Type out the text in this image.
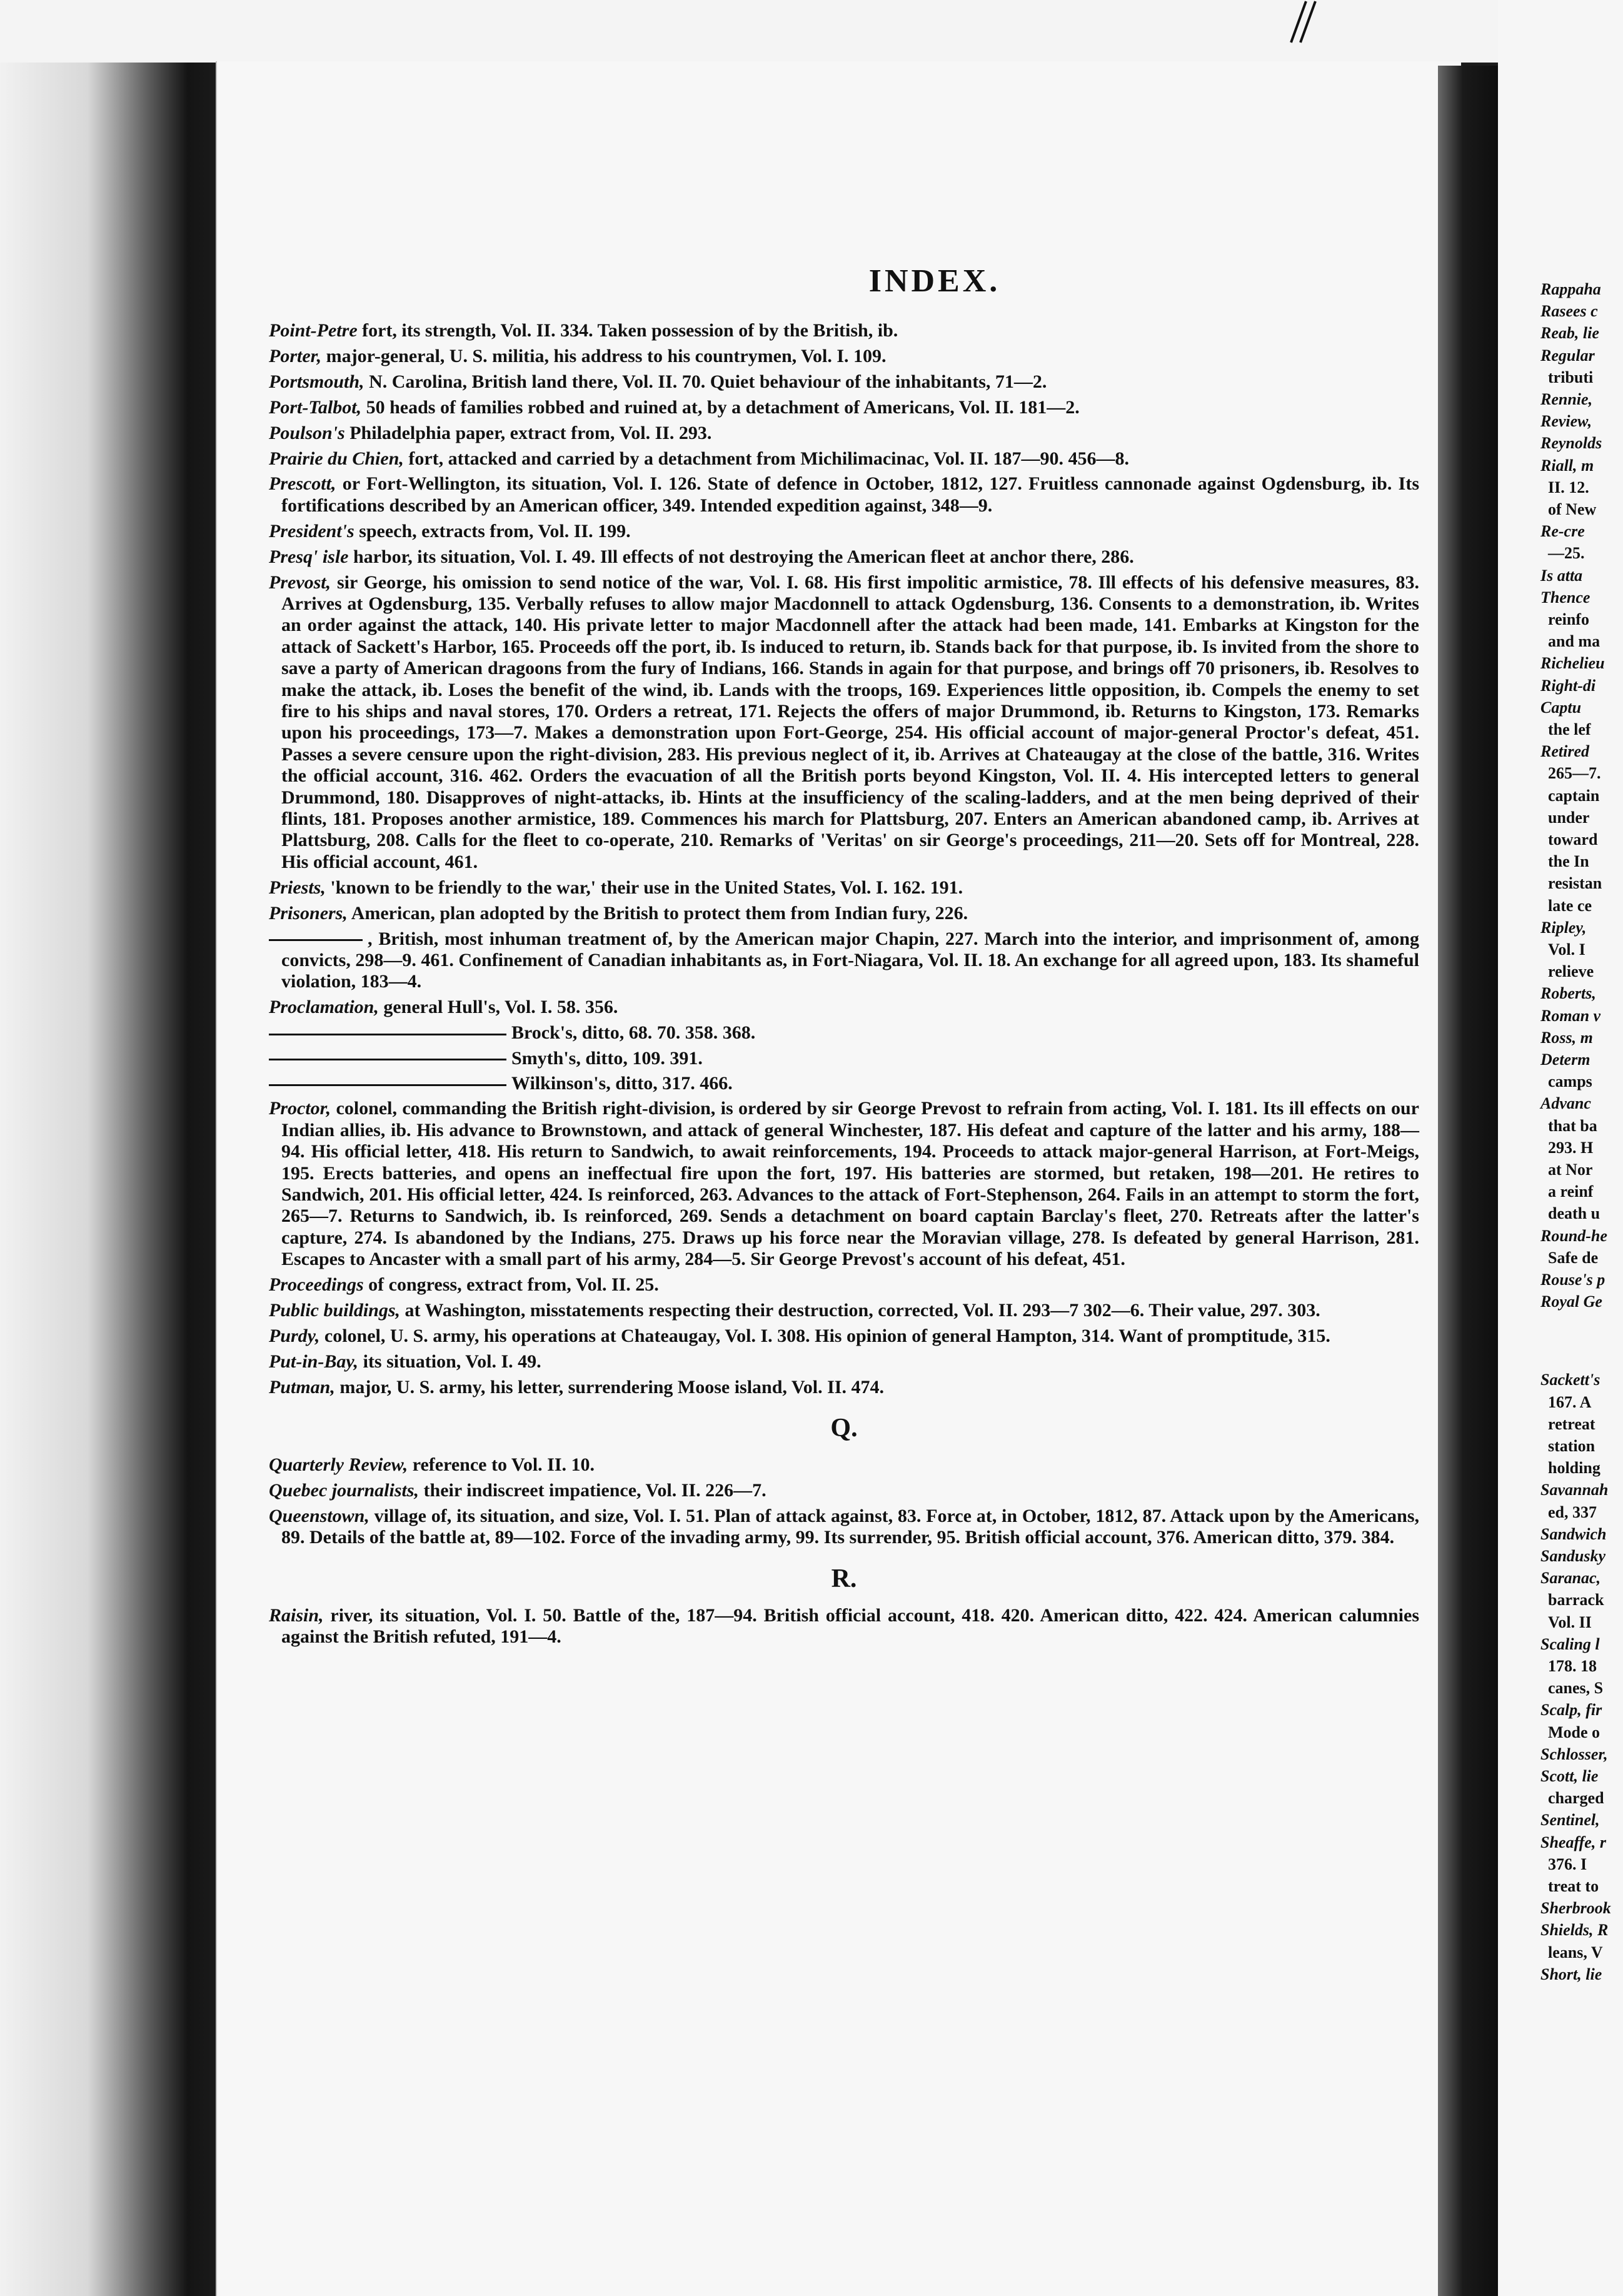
Rappaha
Rasees c
Reab, lie
Regular
tributi
Rennie,
Review,
Reynolds
Riall, m
II. 12.
of New
Re-cre
—25.
Is atta
Thence
reinfo
and ma
Richelieu
Right-di
Captu
the lef
Retired
265—7.
captain
under
toward
the In
resistan
late ce
Ripley,
Vol. I
relieve
Roberts,
Roman v
Ross, m
Determ
camps
Advanc
that ba
293. H
at Nor
a reinf
death u
Round-he
Safe de
Rouse's p
Royal Ge
Sackett's
167. A
retreat
station
holding
Savannah
ed, 337
Sandwich
Sandusky
Saranac,
barrack
Vol. II
Scaling l
178. 18
canes, S
Scalp, fir
Mode o
Schlosser,
Scott, lie
charged
Sentinel,
Sheaffe, r
376. I
treat to
Sherbrook
Shields, R
leans, V
Short, lie
INDEX.
Point-Petre fort, its strength, Vol. II. 334. Taken possession of by the British, ib.
Porter, major-general, U. S. militia, his address to his countrymen, Vol. I. 109.
Portsmouth, N. Carolina, British land there, Vol. II. 70. Quiet behaviour of the inhabitants, 71—2.
Port-Talbot, 50 heads of families robbed and ruined at, by a detachment of Americans, Vol. II. 181—2.
Poulson's Philadelphia paper, extract from, Vol. II. 293.
Prairie du Chien, fort, attacked and carried by a detachment from Michilimacinac, Vol. II. 187—90. 456—8.
Prescott, or Fort-Wellington, its situation, Vol. I. 126. State of defence in October, 1812, 127. Fruitless cannonade against Ogdensburg, ib. Its fortifications described by an American officer, 349. Intended expedition against, 348—9.
President's speech, extracts from, Vol. II. 199.
Presq' isle harbor, its situation, Vol. I. 49. Ill effects of not destroying the American fleet at anchor there, 286.
Prevost, sir George, his omission to send notice of the war, Vol. I. 68. His first impolitic armistice, 78. Ill effects of his defensive measures, 83. Arrives at Ogdensburg, 135. Verbally refuses to allow major Macdonnell to attack Ogdensburg, 136. Consents to a demonstration, ib. Writes an order against the attack, 140. His private letter to major Macdonnell after the attack had been made, 141. Embarks at Kingston for the attack of Sackett's Harbor, 165. Proceeds off the port, ib. Is induced to return, ib. Stands back for that purpose, ib. Is invited from the shore to save a party of American dragoons from the fury of Indians, 166. Stands in again for that purpose, and brings off 70 prisoners, ib. Resolves to make the attack, ib. Loses the benefit of the wind, ib. Lands with the troops, 169. Experiences little opposition, ib. Compels the enemy to set fire to his ships and naval stores, 170. Orders a retreat, 171. Rejects the offers of major Drummond, ib. Returns to Kingston, 173. Remarks upon his proceedings, 173—7. Makes a demonstration upon Fort-George, 254. His official account of major-general Proctor's defeat, 451. Passes a severe censure upon the right-division, 283. His previous neglect of it, ib. Arrives at Chateaugay at the close of the battle, 316. Writes the official account, 316. 462. Orders the evacuation of all the British ports beyond Kingston, Vol. II. 4. His intercepted letters to general Drummond, 180. Disapproves of night-attacks, ib. Hints at the insufficiency of the scaling-ladders, and at the men being deprived of their flints, 181. Proposes another armistice, 189. Commences his march for Plattsburg, 207. Enters an American abandoned camp, ib. Arrives at Plattsburg, 208. Calls for the fleet to co-operate, 210. Remarks of 'Veritas' on sir George's proceedings, 211—20. Sets off for Montreal, 228. His official account, 461.
Priests, 'known to be friendly to the war,' their use in the United States, Vol. I. 162. 191.
Prisoners, American, plan adopted by the British to protect them from Indian fury, 226.
, British, most inhuman treatment of, by the American major Chapin, 227. March into the interior, and imprisonment of, among convicts, 298—9. 461. Confinement of Canadian inhabitants as, in Fort-Niagara, Vol. II. 18. An exchange for all agreed upon, 183. Its shameful violation, 183—4.
Proclamation, general Hull's, Vol. I. 58. 356.
Brock's, ditto, 68. 70. 358. 368.
Smyth's, ditto, 109. 391.
Wilkinson's, ditto, 317. 466.
Proctor, colonel, commanding the British right-division, is ordered by sir George Prevost to refrain from acting, Vol. I. 181. Its ill effects on our Indian allies, ib. His advance to Brownstown, and attack of general Winchester, 187. His defeat and capture of the latter and his army, 188—94. His official letter, 418. His return to Sandwich, to await reinforcements, 194. Proceeds to attack major-general Harrison, at Fort-Meigs, 195. Erects batteries, and opens an ineffectual fire upon the fort, 197. His batteries are stormed, but retaken, 198—201. He retires to Sandwich, 201. His official letter, 424. Is reinforced, 263. Advances to the attack of Fort-Stephenson, 264. Fails in an attempt to storm the fort, 265—7. Returns to Sandwich, ib. Is reinforced, 269. Sends a detachment on board captain Barclay's fleet, 270. Retreats after the latter's capture, 274. Is abandoned by the Indians, 275. Draws up his force near the Moravian village, 278. Is defeated by general Harrison, 281. Escapes to Ancaster with a small part of his army, 284—5. Sir George Prevost's account of his defeat, 451.
Proceedings of congress, extract from, Vol. II. 25.
Public buildings, at Washington, misstatements respecting their destruction, corrected, Vol. II. 293—7 302—6. Their value, 297. 303.
Purdy, colonel, U. S. army, his operations at Chateaugay, Vol. I. 308. His opinion of general Hampton, 314. Want of promptitude, 315.
Put-in-Bay, its situation, Vol. I. 49.
Putman, major, U. S. army, his letter, surrendering Moose island, Vol. II. 474.
Q.
Quarterly Review, reference to Vol. II. 10.
Quebec journalists, their indiscreet impatience, Vol. II. 226—7.
Queenstown, village of, its situation, and size, Vol. I. 51. Plan of attack against, 83. Force at, in October, 1812, 87. Attack upon by the Americans, 89. Details of the battle at, 89—102. Force of the invading army, 99. Its surrender, 95. British official account, 376. American ditto, 379. 384.
R.
Raisin, river, its situation, Vol. I. 50. Battle of the, 187—94. British official account, 418. 420. American ditto, 422. 424. American calumnies against the British refuted, 191—4.
